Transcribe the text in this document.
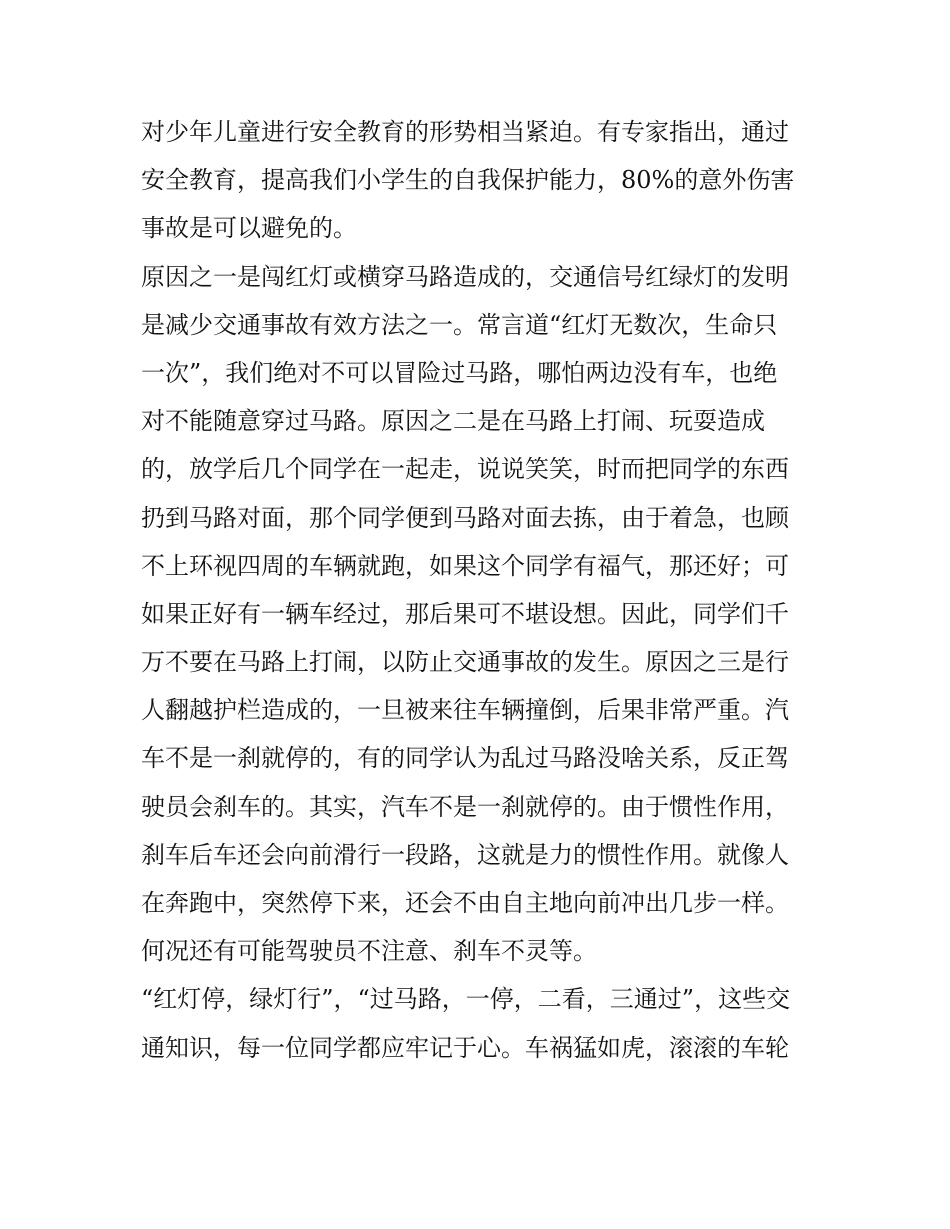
对少年儿童进行安全教育的形势相当紧迫。有专家指出，通过
安全教育，提高我们小学生的自我保护能力，80%的意外伤害
事故是可以避免的。
原因之一是闯红灯或横穿马路造成的，交通信号红绿灯的发明
是减少交通事故有效方法之一。常言道“红灯无数次，生命只
一次”，我们绝对不可以冒险过马路，哪怕两边没有车，也绝
对不能随意穿过马路。原因之二是在马路上打闹、玩耍造成
的，放学后几个同学在一起走，说说笑笑，时而把同学的东西
扔到马路对面，那个同学便到马路对面去拣，由于着急，也顾
不上环视四周的车辆就跑，如果这个同学有福气，那还好；可
如果正好有一辆车经过，那后果可不堪设想。因此，同学们千
万不要在马路上打闹，以防止交通事故的发生。原因之三是行
人翻越护栏造成的，一旦被来往车辆撞倒，后果非常严重。汽
车不是一刹就停的，有的同学认为乱过马路没啥关系，反正驾
驶员会刹车的。其实，汽车不是一刹就停的。由于惯性作用，
刹车后车还会向前滑行一段路，这就是力的惯性作用。就像人
在奔跑中，突然停下来，还会不由自主地向前冲出几步一样。
何况还有可能驾驶员不注意、刹车不灵等。
“红灯停，绿灯行”，“过马路，一停，二看，三通过”，这些交
通知识，每一位同学都应牢记于心。车祸猛如虎，滚滚的车轮
